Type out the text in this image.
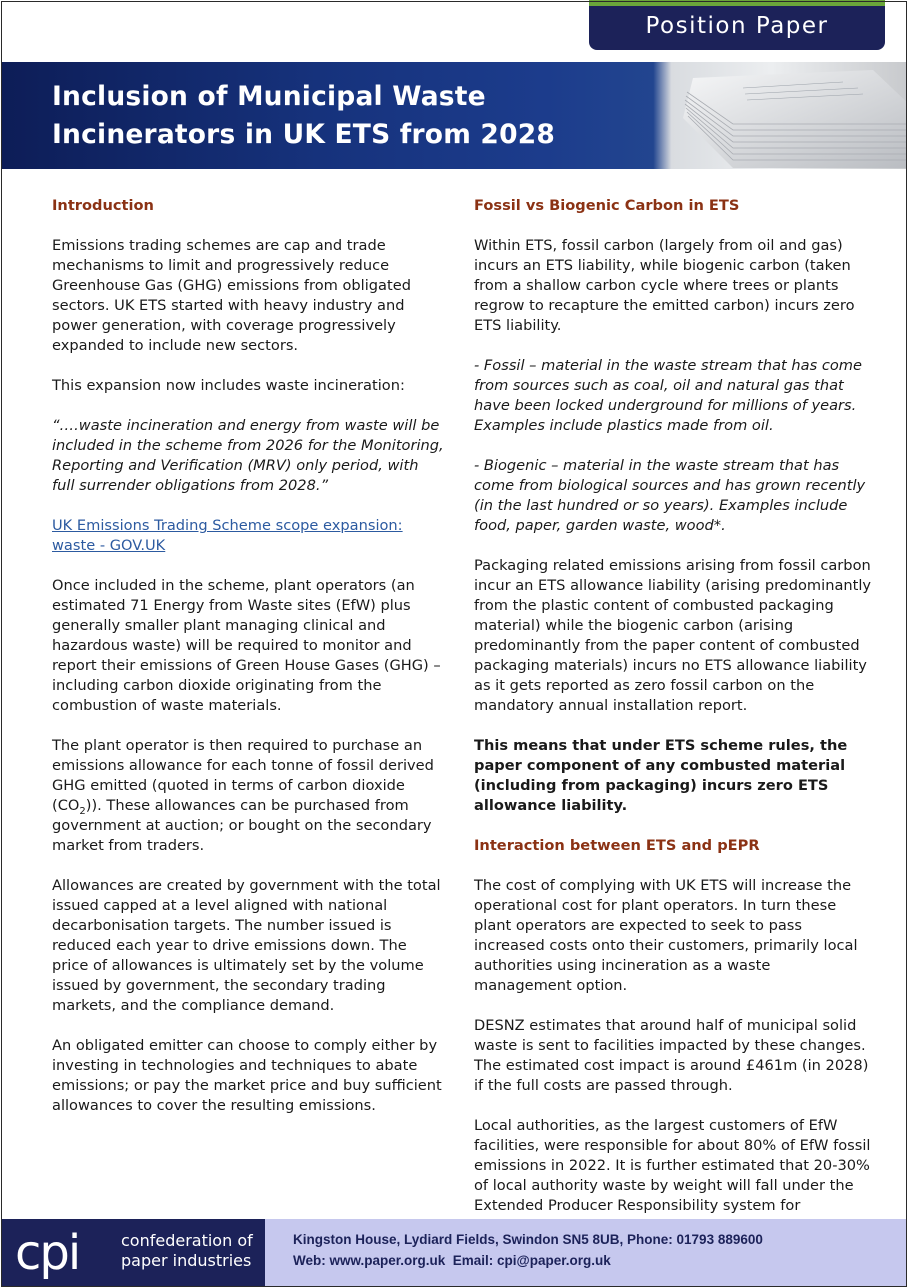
Position Paper
Inclusion of Municipal Waste
Incinerators in UK ETS from 2028
Introduction

Emissions trading schemes are cap and trade mechanisms to limit and progressively reduce Greenhouse Gas (GHG) emissions from obligated sectors. UK ETS started with heavy industry and power generation, with coverage progressively expanded to include new sectors.

This expansion now includes waste incineration:

“….waste incineration and energy from waste will be included in the scheme from 2026 for the Monitoring, Reporting and Verification (MRV) only period, with full surrender obligations from 2028.”

UK Emissions Trading Scheme scope expansion: waste - GOV.UK

Once included in the scheme, plant operators (an estimated 71 Energy from Waste sites (EfW) plus generally smaller plant managing clinical and hazardous waste) will be required to monitor and report their emissions of Green House Gases (GHG) – including carbon dioxide originating from the combustion of waste materials.

The plant operator is then required to purchase an emissions allowance for each tonne of fossil derived GHG emitted (quoted in terms of carbon dioxide $(CO_2)$). These allowances can be purchased from government at auction; or bought on the secondary market from traders.

Allowances are created by government with the total issued capped at a level aligned with national decarbonisation targets. The number issued is reduced each year to drive emissions down. The price of allowances is ultimately set by the volume issued by government, the secondary trading markets, and the compliance demand.

An obligated emitter can choose to comply either by investing in technologies and techniques to abate emissions; or pay the market price and buy sufficient allowances to cover the resulting emissions.

Fossil vs Biogenic Carbon in ETS

Within ETS, fossil carbon (largely from oil and gas) incurs an ETS liability, while biogenic carbon (taken from a shallow carbon cycle where trees or plants regrow to recapture the emitted carbon) incurs zero ETS liability.

- Fossil – material in the waste stream that has come from sources such as coal, oil and natural gas that have been locked underground for millions of years. Examples include plastics made from oil.

- Biogenic – material in the waste stream that has come from biological sources and has grown recently (in the last hundred or so years). Examples include food, paper, garden waste, wood*.

Packaging related emissions arising from fossil carbon incur an ETS allowance liability (arising predominantly from the plastic content of combusted packaging material) while the biogenic carbon (arising predominantly from the paper content of combusted packaging materials) incurs no ETS allowance liability as it gets reported as zero fossil carbon on the mandatory annual installation report.

This means that under ETS scheme rules, the paper component of any combusted material (including from packaging) incurs zero ETS allowance liability.

Interaction between ETS and pEPR

The cost of complying with UK ETS will increase the operational cost for plant operators. In turn these plant operators are expected to seek to pass increased costs onto their customers, primarily local authorities using incineration as a waste management option.

DESNZ estimates that around half of municipal solid waste is sent to facilities impacted by these changes. The estimated cost impact is around £461m (in 2028) if the full costs are passed through.

Local authorities, as the largest customers of EfW facilities, were responsible for about 80% of EfW fossil emissions in 2022. It is further estimated that 20-30% of local authority waste by weight will fall under the Extended Producer Responsibility system for

cpi	confederation of
paper industries
Kingston House, Lydiard Fields, Swindon SN5 8UB, Phone: 01793 889600
Web: www.paper.org.uk  Email: cpi@paper.org.uk
